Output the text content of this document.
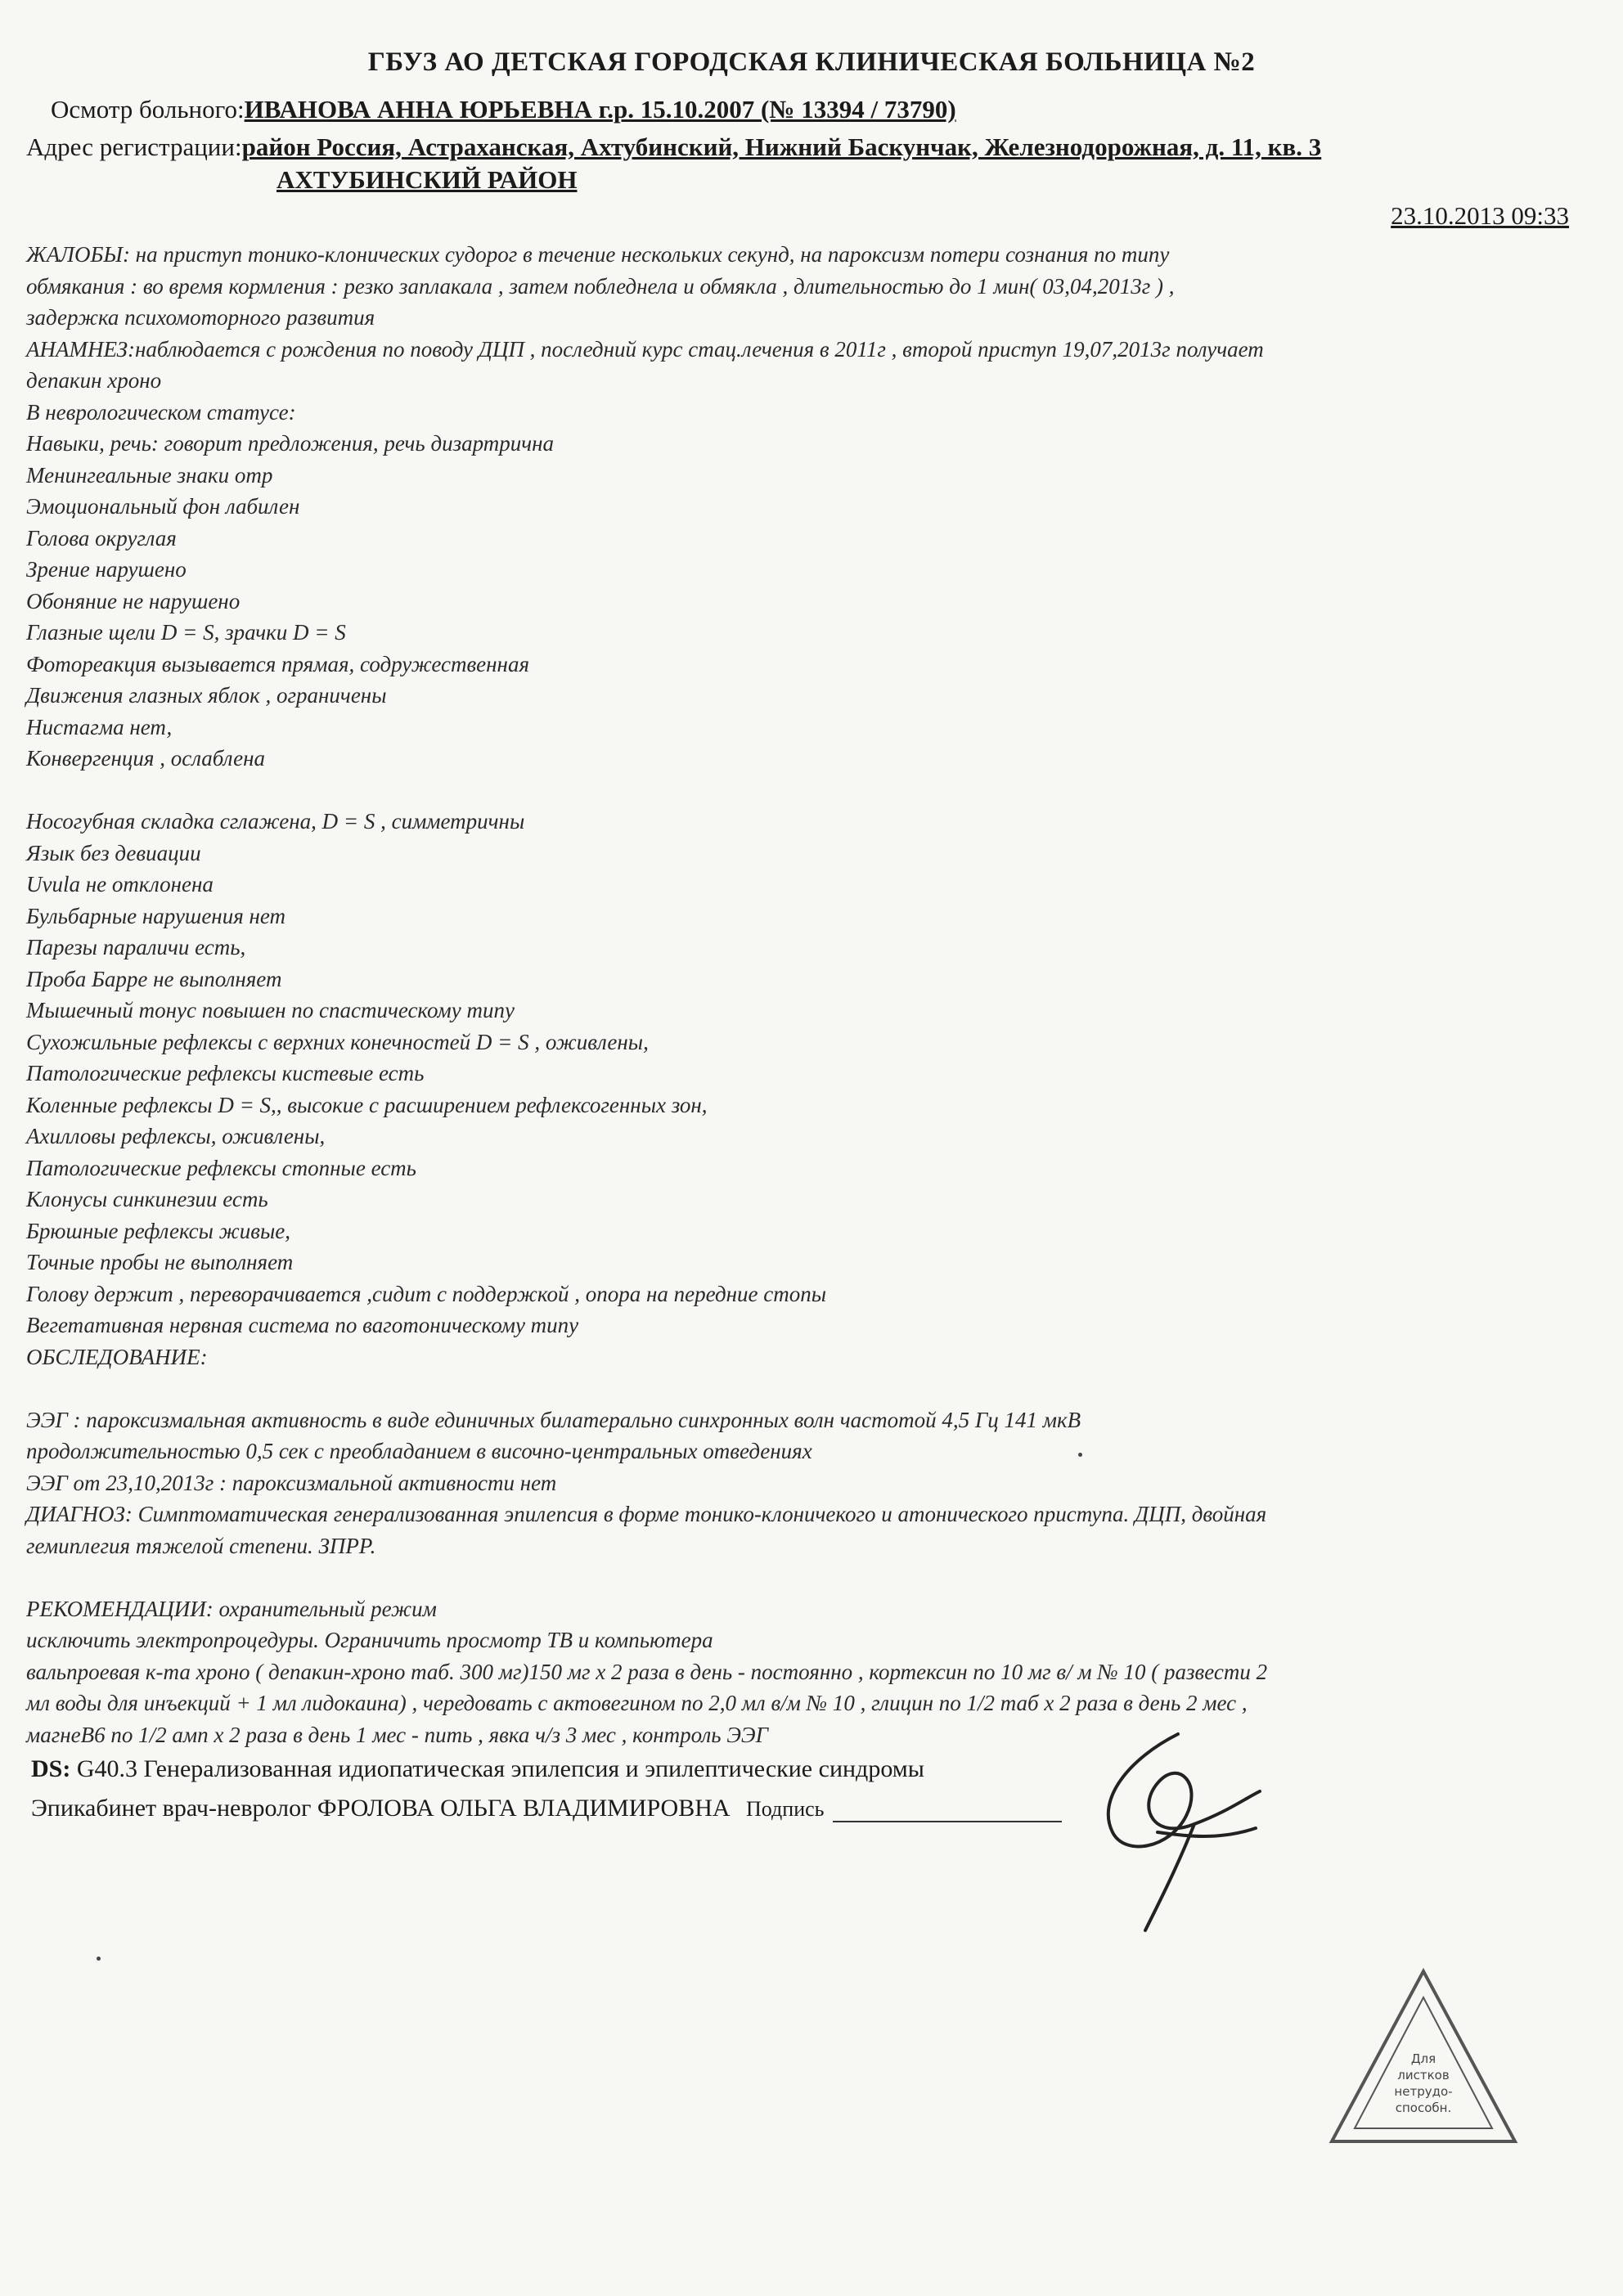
ГБУЗ АО ДЕТСКАЯ ГОРОДСКАЯ КЛИНИЧЕСКАЯ БОЛЬНИЦА №2
Осмотр больного:ИВАНОВА АННА ЮРЬЕВНА г.р. 15.10.2007 (№ 13394 / 73790)
Адрес регистрации:район Россия, Астраханская, Ахтубинский, Нижний Баскунчак, Железнодорожная, д. 11, кв. 3
АХТУБИНСКИЙ РАЙОН
23.10.2013 09:33
ЖАЛОБЫ: на приступ тонико-клонических судорог в течение нескольких секунд, на пароксизм потери сознания по типу
обмякания : во время кормления : резко заплакала , затем побледнела и обмякла , длительностью до 1 мин( 03,04,2013г ) ,
задержка психомоторного развития
АНАМНЕЗ:наблюдается с рождения по поводу ДЦП , последний курс стац.лечения в 2011г , второй приступ 19,07,2013г получает
депакин хроно
В неврологическом статусе:
Навыки, речь: говорит предложения, речь дизартрична
Менингеальные знаки отр
Эмоциональный фон лабилен
Голова округлая
Зрение нарушено
Обоняние не нарушено
Глазные щели D = S, зрачки D = S
Фотореакция вызывается прямая, содружественная
Движения глазных яблок , ограничены
Нистагма нет,
Конвергенция , ослаблена
Носогубная складка сглажена, D = S , симметричны
Язык без девиации
Uvula не отклонена
Бульбарные нарушения нет
Парезы параличи есть,
Проба Барре не выполняет
Мышечный тонус повышен по спастическому типу
Сухожильные рефлексы с верхних конечностей D = S , оживлены,
Патологические рефлексы кистевые есть
Коленные рефлексы D = S,, высокие с расширением рефлексогенных зон,
Ахилловы рефлексы, оживлены,
Патологические рефлексы стопные есть
Клонусы синкинезии есть
Брюшные рефлексы живые,
Точные пробы не выполняет
Голову держит , переворачивается ,сидит с поддержкой , опора на передние стопы
Вегетативная нервная система по ваготоническому типу
ОБСЛЕДОВАНИЕ:
ЭЭГ : пароксизмальная активность в виде единичных билатерально синхронных волн частотой 4,5 Гц 141 мкВ
продолжительностью 0,5 сек с преобладанием в височно-центральных отведениях
ЭЭГ от 23,10,2013г : пароксизмальной активности нет
ДИАГНОЗ: Симптоматическая генерализованная эпилепсия в форме тонико-клоничекого и атонического приступа. ДЦП, двойная
гемиплегия тяжелой степени. ЗПРР.
РЕКОМЕНДАЦИИ: охранительный режим
исключить электропроцедуры. Ограничить просмотр ТВ и компьютера
вальпроевая к-та хроно ( депакин-хроно таб. 300 мг)150 мг х 2 раза в день - постоянно , кортексин по 10 мг в/ м № 10 ( развести 2
мл воды для инъекций + 1 мл лидокаина) , чередовать с актовегином по 2,0 мл в/м № 10 , глицин по 1/2 таб х 2 раза в день 2 мес ,
магнеВ6 по 1/2 амп х 2 раза в день 1 мес - пить , явка ч/з 3 мес , контроль ЭЭГ
DS: G40.3 Генерализованная идиопатическая эпилепсия и эпилептические синдромы
Эпикабинет врач-невролог ФРОЛОВА ОЛЬГА ВЛАДИМИРОВНА Подпись
Для
листков
нетрудо-
способн.
